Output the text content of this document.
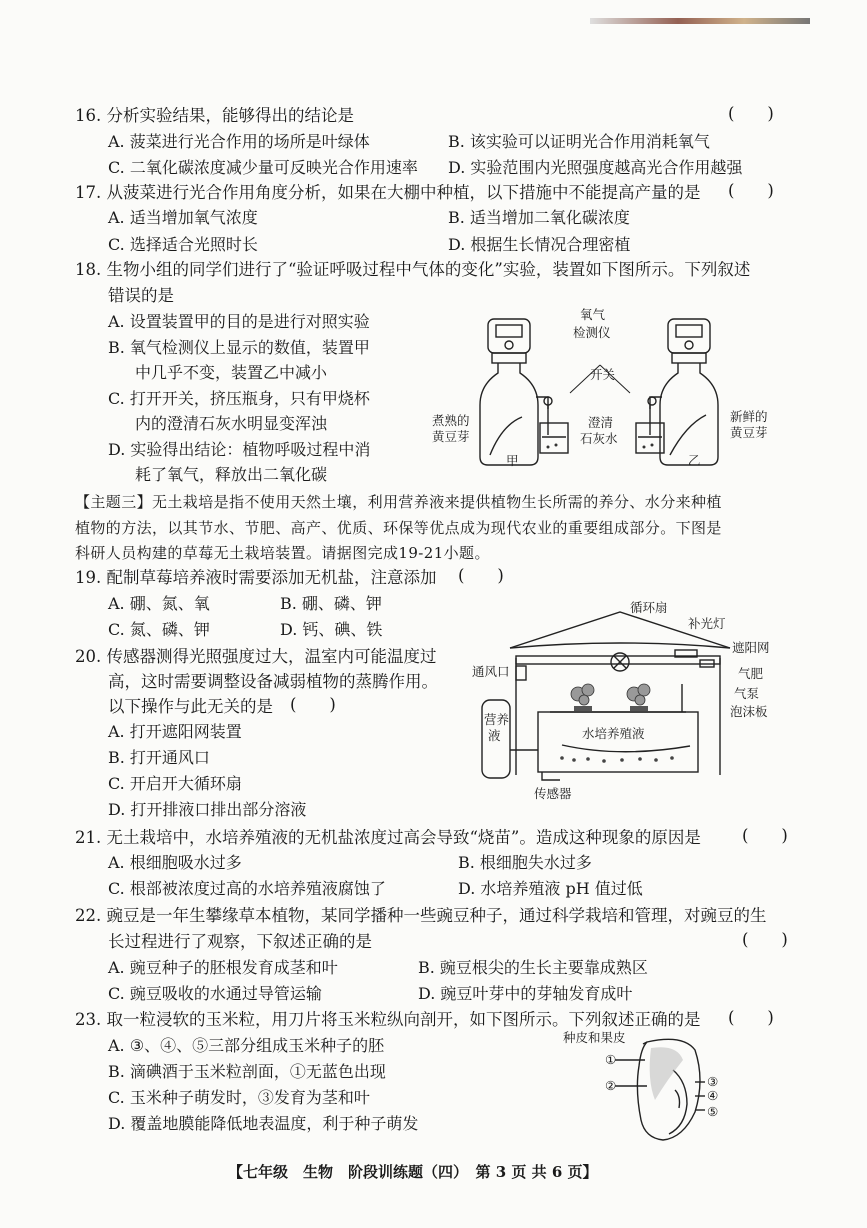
16. 分析实验结果，能够得出的结论是	(　　)
A. 菠菜进行光合作用的场所是叶绿体	B. 该实验可以证明光合作用消耗氧气
C. 二氧化碳浓度减少量可反映光合作用速率 D. 实验范围内光照强度越高光合作用越强
17. 从菠菜进行光合作用角度分析，如果在大棚中种植，以下措施中不能提高产量的是 (　　)
A. 适当增加氧气浓度	B. 适当增加二氧化碳浓度
C. 选择适合光照时长	D. 根据生长情况合理密植
18. 生物小组的同学们进行了“验证呼吸过程中气体的变化”实验，装置如下图所示。下列叙述
错误的是
A. 设置装置甲的目的是进行对照实验
B. 氧气检测仪上显示的数值，装置甲
中几乎不变，装置乙中减小
C. 打开开关，挤压瓶身，只有甲烧杯
内的澄清石灰水明显变浑浊
D. 实验得出结论：植物呼吸过程中消
耗了氧气，释放出二氧化碳
氧气
检测仪
开关
煮熟的
黄豆芽
澄清
石灰水
新鲜的
黄豆芽
甲	乙
【主题三】无土栽培是指不使用天然土壤，利用营养液来提供植物生长所需的养分、水分来种植
植物的方法，以其节水、节肥、高产、优质、环保等优点成为现代农业的重要组成部分。下图是
科研人员构建的草莓无土栽培装置。请据图完成19-21小题。
19. 配制草莓培养液时需要添加无机盐，注意添加 (　　)
A. 硼、氮、氧	B. 硼、磷、钾
C. 氮、磷、钾	D. 钙、碘、铁
20. 传感器测得光照强度过大，温室内可能温度过
高，这时需要调整设备减弱植物的蒸腾作用。
以下操作与此无关的是 (　　)
A. 打开遮阳网装置
B. 打开通风口
C. 开启开大循环扇
D. 打开排液口排出部分溶液
循环扇
补光灯
遮阳网
通风口	气肥
气泵
泡沫板
营养
液	水培养殖液
传感器
21. 无土栽培中，水培养殖液的无机盐浓度过高会导致“烧苗”。造成这种现象的原因是 (　　)
A. 根细胞吸水过多	B. 根细胞失水过多
C. 根部被浓度过高的水培养殖液腐蚀了	D. 水培养殖液 pH 值过低
22. 豌豆是一年生攀缘草本植物，某同学播种一些豌豆种子，通过科学栽培和管理，对豌豆的生
长过程进行了观察，下叙述正确的是	(　　)
A. 豌豆种子的胚根发育成茎和叶	B. 豌豆根尖的生长主要靠成熟区
C. 豌豆吸收的水通过导管运输	D. 豌豆叶芽中的芽轴发育成叶
23. 取一粒浸软的玉米粒，用刀片将玉米粒纵向剖开，如下图所示。下列叙述正确的是 (　　)
A. ③、④、⑤三部分组成玉米种子的胚
B. 滴碘酒于玉米粒剖面，①无蓝色出现
C. 玉米种子萌发时，③发育为茎和叶
D. 覆盖地膜能降低地表温度，利于种子萌发
种皮和果皮
①
②	③
④
⑤
【七年级　生物　阶段训练题（四）　第 3 页 共 6 页】
